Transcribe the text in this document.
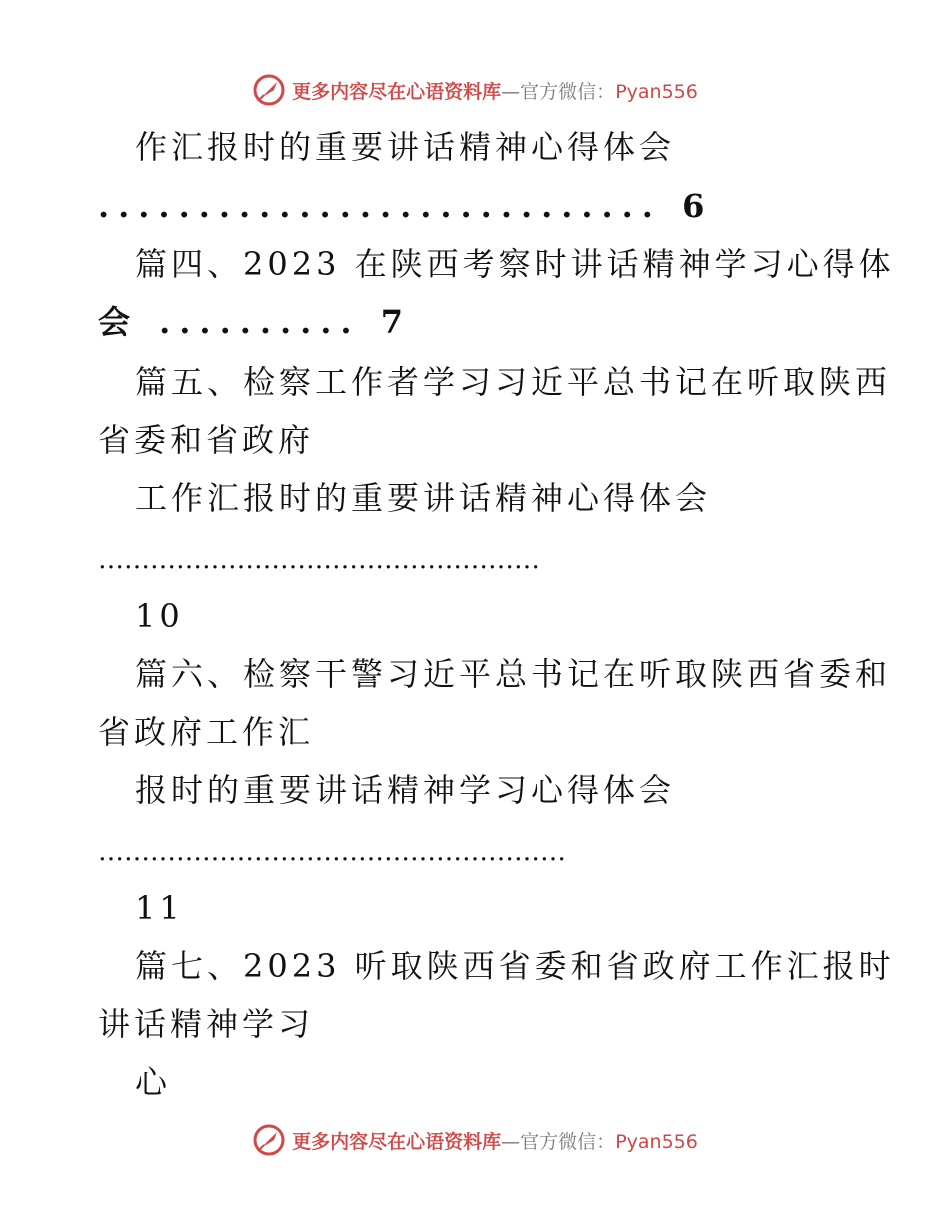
更多内容尽在心语资料库—官方微信：Pyan556
作汇报时的重要讲话精神心得体会
............................ 6
篇四、2023 在陕西考察时讲话精神学习心得体
会 .......... 7
篇五、检察工作者学习习近平总书记在听取陕西
省委和省政府
工作汇报时的重要讲话精神心得体会
……………………………………………
10
篇六、检察干警习近平总书记在听取陕西省委和
省政府工作汇
报时的重要讲话精神学习心得体会
………………………………………………
11
篇七、2023 听取陕西省委和省政府工作汇报时
讲话精神学习
心
更多内容尽在心语资料库—官方微信：Pyan556
